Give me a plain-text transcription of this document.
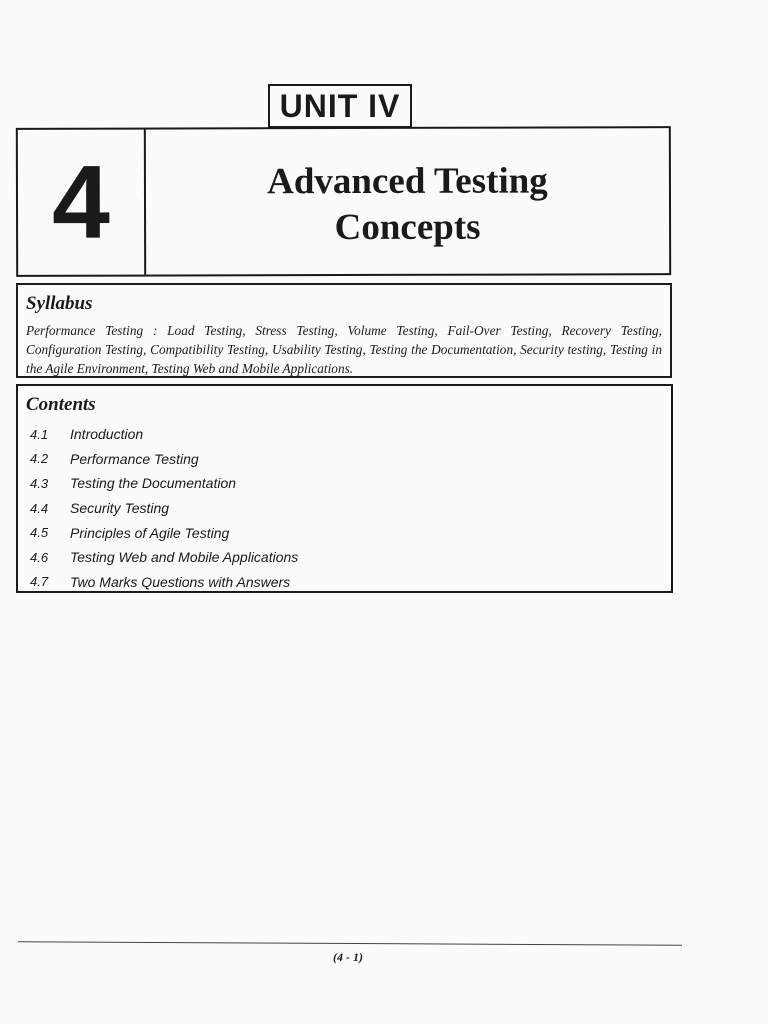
UNIT IV
4	Advanced Testing
Concepts
Syllabus

Performance Testing : Load Testing, Stress Testing, Volume Testing, Fail-Over Testing, Recovery Testing, Configuration Testing, Compatibility Testing, Usability Testing, Testing the Documentation, Security testing, Testing in the Agile Environment, Testing Web and Mobile Applications.

Contents
4.1	Introduction
4.2	Performance Testing
4.3	Testing the Documentation
4.4	Security Testing
4.5	Principles of Agile Testing
4.6	Testing Web and Mobile Applications
4.7	Two Marks Questions with Answers
(4 - 1)
